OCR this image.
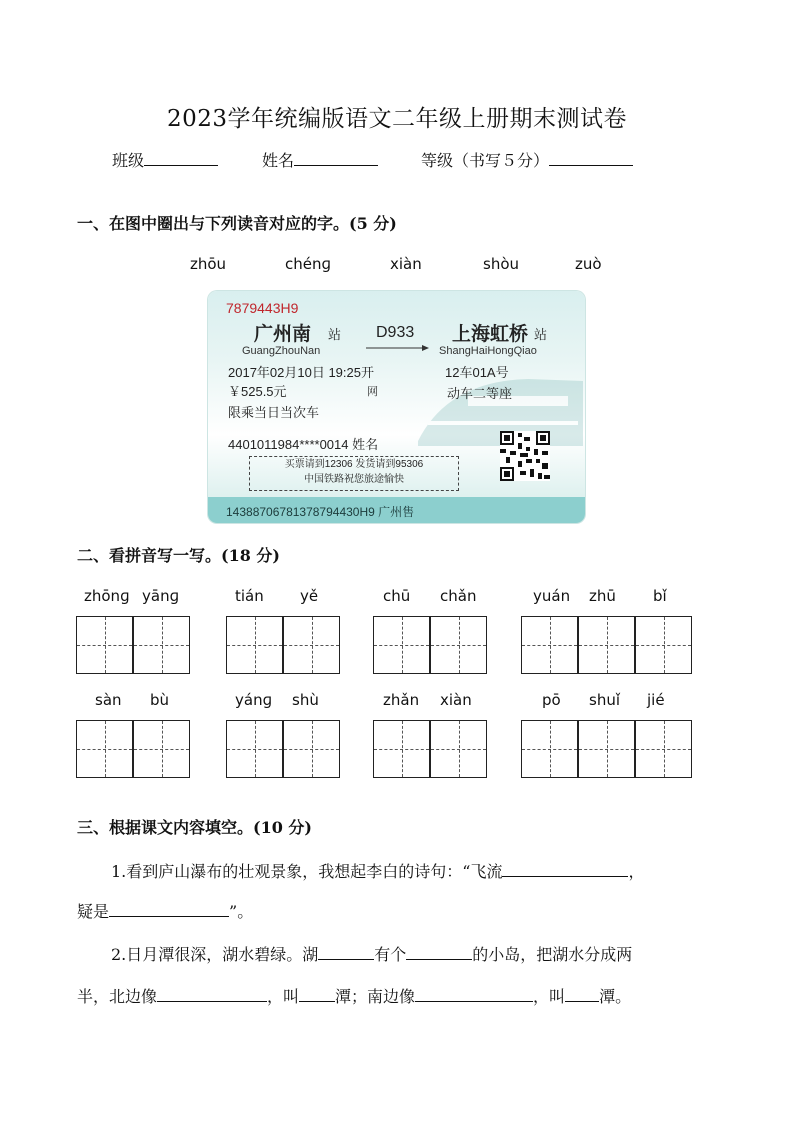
2023学年统编版语文二年级上册期末测试卷
班级	姓名	等级（书写５分）
一、在图中圈出与下列读音对应的字。(5 分)
zhōu	chénɡ	xiàn	shòu	zuò
7879443H9
广州南 站
GuangZhouNan
D933 上海虹桥 站
ShangHaiHongQiao
2017年02月10日 19:25开	12车01A号
￥525.5元	网	动车二等座
限乘当日当次车
4401011984****0014 姓名
买票请到12306 发货请到95306
中国铁路祝您旅途愉快
14388706781378794430H9 广州售
二、看拼音写一写。(18 分)
zhōnɡ yānɡ	tián yě	chū chǎn	yuán zhū bǐ
sàn bù	yánɡ shù	zhǎn xiàn	pō shuǐ jié
三、根据课文内容填空。(10 分)
1.看到庐山瀑布的壮观景象，我想起李白的诗句：“飞流	，
疑是	”。
2.日月潭很深，湖水碧绿。湖	有个	的小岛，把湖水分成两
半，北边像	，叫 潭；南边像	，叫 潭。
